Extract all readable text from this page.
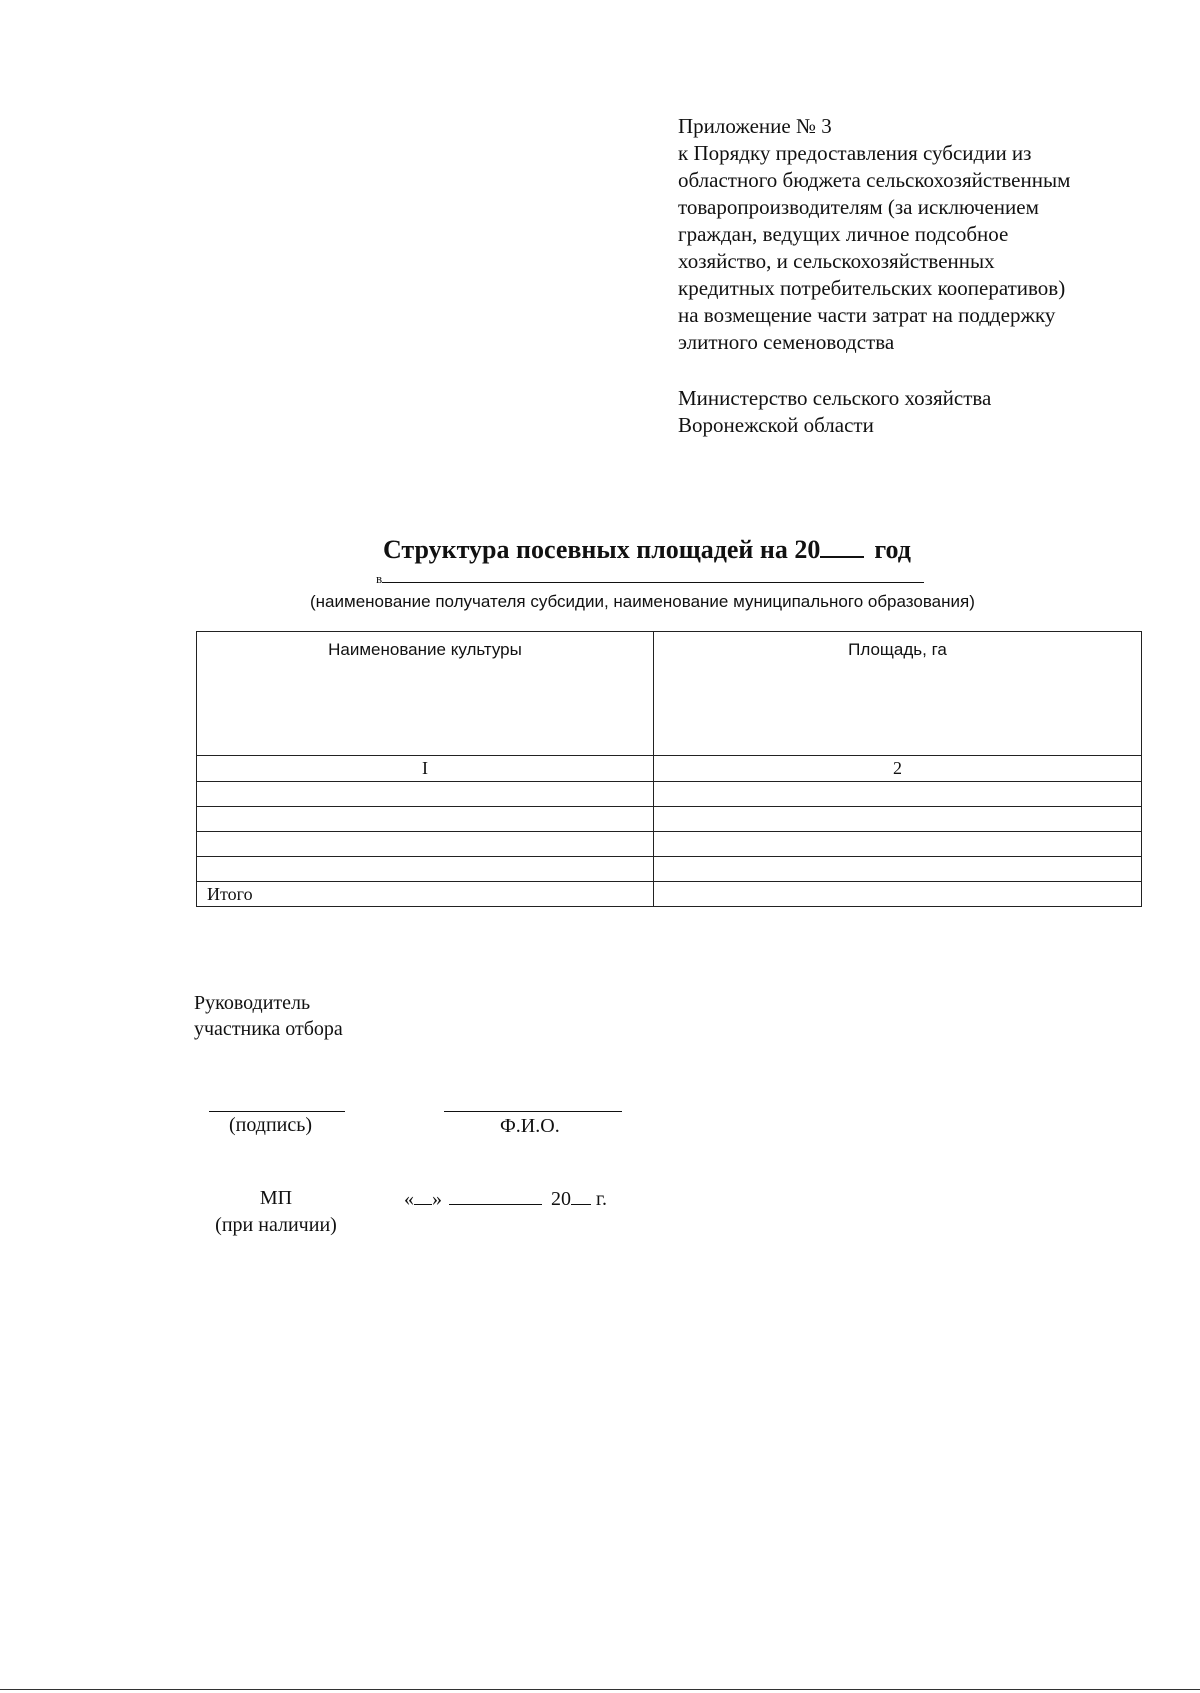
Приложение № 3
к Порядку предоставления субсидии из
областного бюджета сельскохозяйственным
товаропроизводителям (за исключением
граждан, ведущих личное подсобное
хозяйство, и сельскохозяйственных
кредитных потребительских кооперативов)
на возмещение части затрат на поддержку
элитного семеноводства
Министерство сельского хозяйства
Воронежской области
Структура посевных площадей на 20 год
в
(наименование получателя субсидии, наименование муниципального образования)
Наименование культуры	Площадь, га
I	2

Итого	
Руководитель
участника отбора
(подпись)	Ф.И.О.
МП
(при наличии)
« »	20 г.
